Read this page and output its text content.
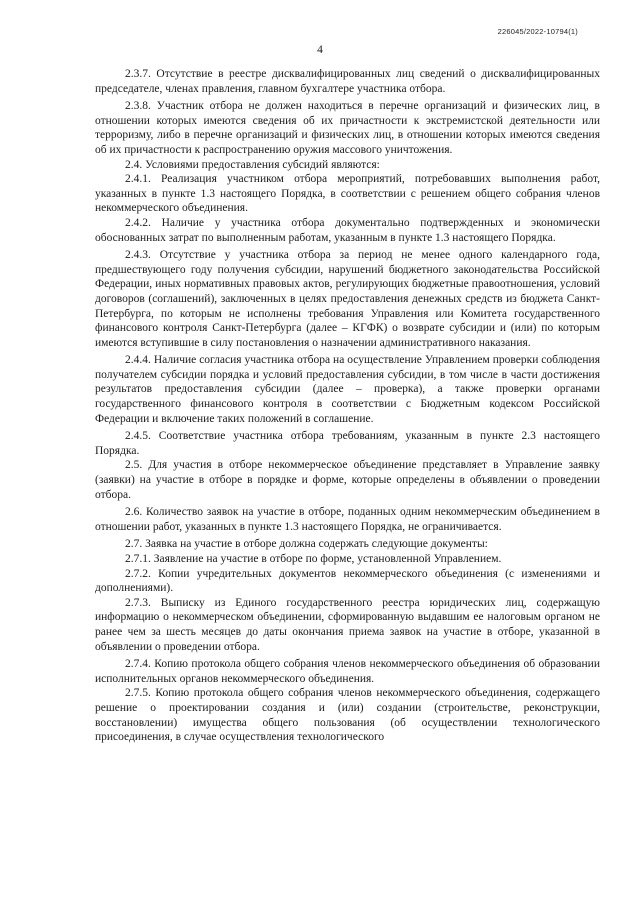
226045/2022-10794(1)
4

2.3.7. Отсутствие в реестре дисквалифицированных лиц сведений о дисквалифицированных председателе, членах правления, главном бухгалтере участника отбора.

2.3.8. Участник отбора не должен находиться в перечне организаций и физических лиц, в отношении которых имеются сведения об их причастности к экстремистской деятельности или терроризму, либо в перечне организаций и физических лиц, в отношении которых имеются сведения об их причастности к распространению оружия массового уничтожения.

2.4. Условиями предоставления субсидий являются:

2.4.1. Реализация участником отбора мероприятий, потребовавших выполнения работ, указанных в пункте 1.3 настоящего Порядка, в соответствии с решением общего собрания членов некоммерческого объединения.

2.4.2. Наличие у участника отбора документально подтвержденных и экономически обоснованных затрат по выполненным работам, указанным в пункте 1.3 настоящего Порядка.

2.4.3. Отсутствие у участника отбора за период не менее одного календарного года, предшествующего году получения субсидии, нарушений бюджетного законодательства Российской Федерации, иных нормативных правовых актов, регулирующих бюджетные правоотношения, условий договоров (соглашений), заключенных в целях предоставления денежных средств из бюджета Санкт-Петербурга, по которым не исполнены требования Управления или Комитета государственного финансового контроля Санкт-Петербурга (далее – КГФК) о возврате субсидии и (или) по которым имеются вступившие в силу постановления о назначении административного наказания.

2.4.4. Наличие согласия участника отбора на осуществление Управлением проверки соблюдения получателем субсидии порядка и условий предоставления субсидии, в том числе в части достижения результатов предоставления субсидии (далее – проверка), а также проверки органами государственного финансового контроля в соответствии с Бюджетным кодексом Российской Федерации и включение таких положений в соглашение.

2.4.5. Соответствие участника отбора требованиям, указанным в пункте 2.3 настоящего Порядка.

2.5. Для участия в отборе некоммерческое объединение представляет в Управление заявку (заявки) на участие в отборе в порядке и форме, которые определены в объявлении о проведении отбора.

2.6. Количество заявок на участие в отборе, поданных одним некоммерческим объединением в отношении работ, указанных в пункте 1.3 настоящего Порядка, не ограничивается.

2.7. Заявка на участие в отборе должна содержать следующие документы:

2.7.1. Заявление на участие в отборе по форме, установленной Управлением.

2.7.2. Копии учредительных документов некоммерческого объединения (с изменениями и дополнениями).

2.7.3. Выписку из Единого государственного реестра юридических лиц, содержащую информацию о некоммерческом объединении, сформированную выдавшим ее налоговым органом не ранее чем за шесть месяцев до даты окончания приема заявок на участие в отборе, указанной в объявлении о проведении отбора.

2.7.4. Копию протокола общего собрания членов некоммерческого объединения об образовании исполнительных органов некоммерческого объединения.

2.7.5. Копию протокола общего собрания членов некоммерческого объединения, содержащего решение о проектировании создания и (или) создании (строительстве, реконструкции, восстановлении) имущества общего пользования (об осуществлении технологического присоединения, в случае осуществления технологического
